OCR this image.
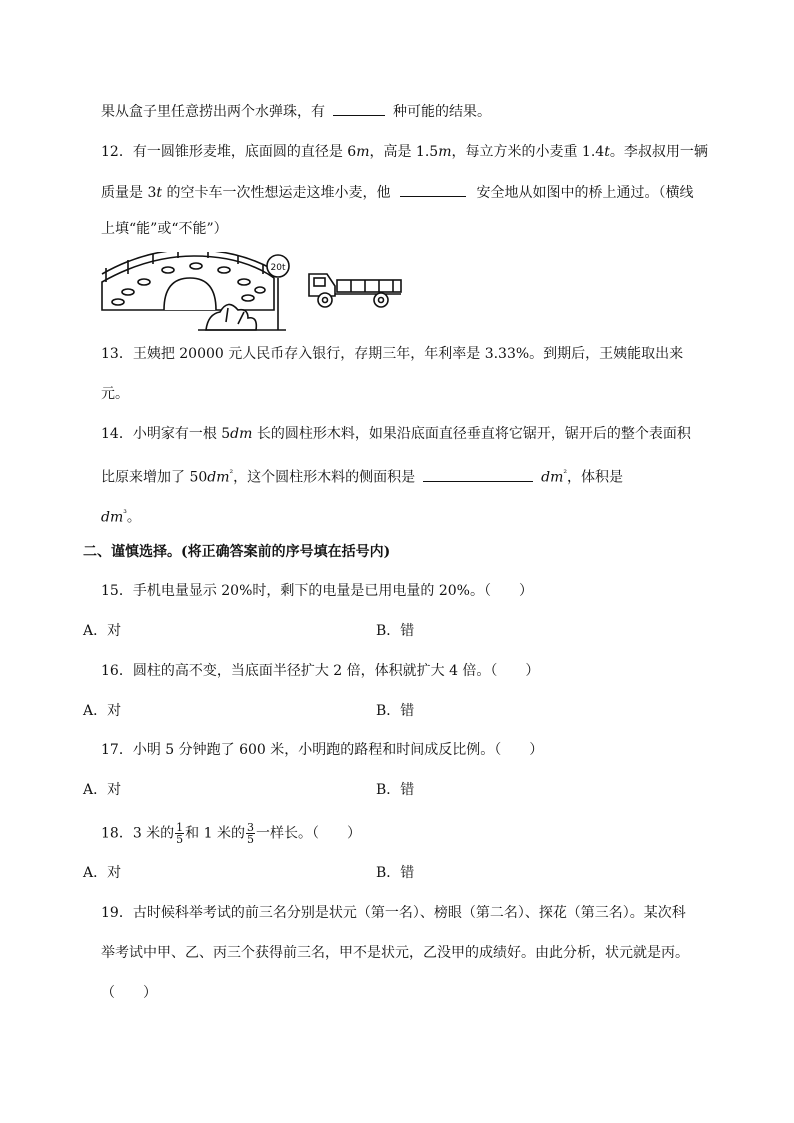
果从盒子里任意捞出两个水弹珠，有	种可能的结果。
12．有一圆锥形麦堆，底面圆的直径是 6m，高是 1.5m，每立方米的小麦重 1.4t。李叔叔用一辆
质量是 3t 的空卡车一次性想运走这堆小麦，他	安全地从如图中的桥上通过。（横线
上填“能”或“不能”）
20t
13．王姨把 20000 元人民币存入银行，存期三年，年利率是 3.33%。到期后，王姨能取出来
元。
14．小明家有一根 5dm 长的圆柱形木料，如果沿底面直径垂直将它锯开，锯开后的整个表面积
比原来增加了 $50dm^{^2}$，这个圆柱形木料的侧面积是	$dm^{^2}$，体积是
$dm^{^3}$。
二、谨慎选择。(将正确答案前的序号填在括号内)
15．手机电量显示 20%时，剩下的电量是已用电量的 20%。（　　）
A．对	B．错
16．圆柱的高不变，当底面半径扩大 2 倍，体积就扩大 4 倍。（　　）
A．对	B．错
17．小明 5 分钟跑了 600 米，小明跑的路程和时间成反比例。（　　）
A．对	B．错
18．3 米的 $\frac{1}{5}$ 和 1 米的 $\frac{3}{5}$ 一样长。（　　）
A．对	B．错
19．古时候科举考试的前三名分别是状元（第一名）、榜眼（第二名）、探花（第三名）。某次科
举考试中甲、乙、丙三个获得前三名，甲不是状元，乙没甲的成绩好。由此分析，状元就是丙。
（　　）
